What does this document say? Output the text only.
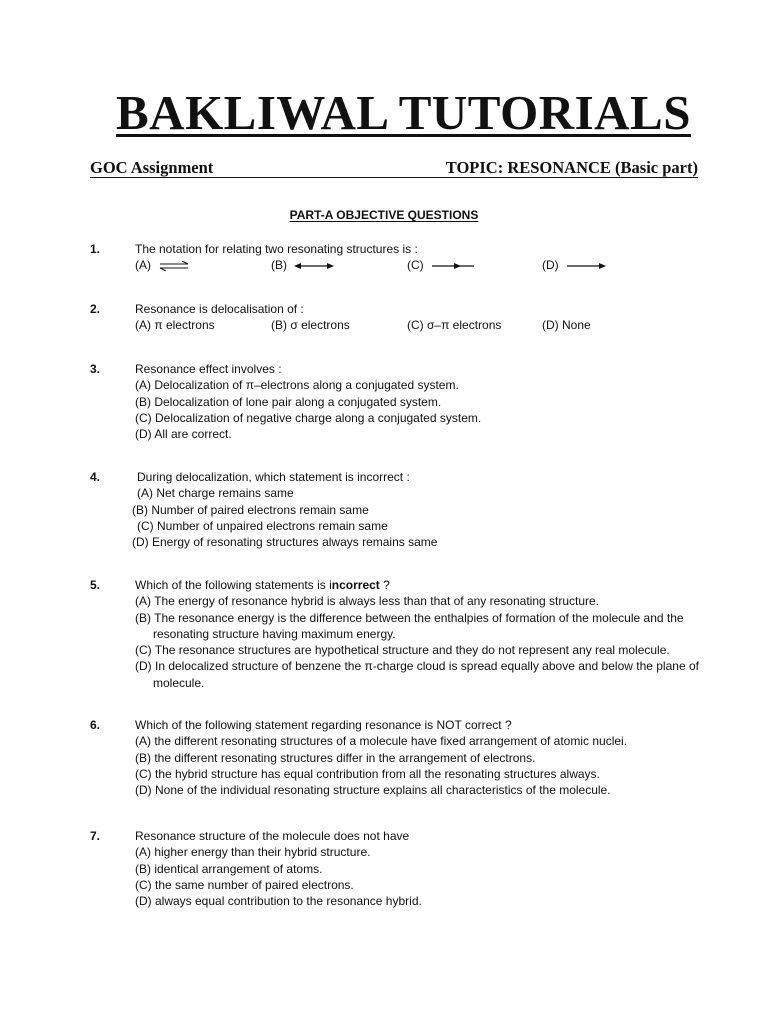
BAKLIWAL TUTORIALS
GOC Assignment	TOPIC: RESONANCE (Basic part)
PART-A OBJECTIVE QUESTIONS
1.	The notation for relating two resonating structures is :
(A) ⇌	(B)	(C)	(D)
2.	Resonance is delocalisation of :
(A) π electrons	(B) σ electrons	(C) σ–π electrons	(D) None
3.	Resonance effect involves :
(A) Delocalization of π–electrons along a conjugated system.
(B) Delocalization of lone pair along a conjugated system.
(C) Delocalization of negative charge along a conjugated system.
(D) All are correct.
4.	During delocalization, which statement is incorrect :
(A) Net charge remains same
(B) Number of paired electrons remain same
(C) Number of unpaired electrons remain same
(D) Energy of resonating structures always remains same
5.	Which of the following statements is incorrect ?
(A) The energy of resonance hybrid is always less than that of any resonating structure.
(B) The resonance energy is the difference between the enthalpies of formation of the molecule and the resonating structure having maximum energy.
(C) The resonance structures are hypothetical structure and they do not represent any real molecule.
(D) In delocalized structure of benzene the π-charge cloud is spread equally above and below the plane of molecule.
6.	Which of the following statement regarding resonance is NOT correct ?
(A) the different resonating structures of a molecule have fixed arrangement of atomic nuclei.
(B) the different resonating structures differ in the arrangement of electrons.
(C) the hybrid structure has equal contribution from all the resonating structures always.
(D) None of the individual resonating structure explains all characteristics of the molecule.
7.	Resonance structure of the molecule does not have
(A) higher energy than their hybrid structure.
(B) identical arrangement of atoms.
(C) the same number of paired electrons.
(D) always equal contribution to the resonance hybrid.
